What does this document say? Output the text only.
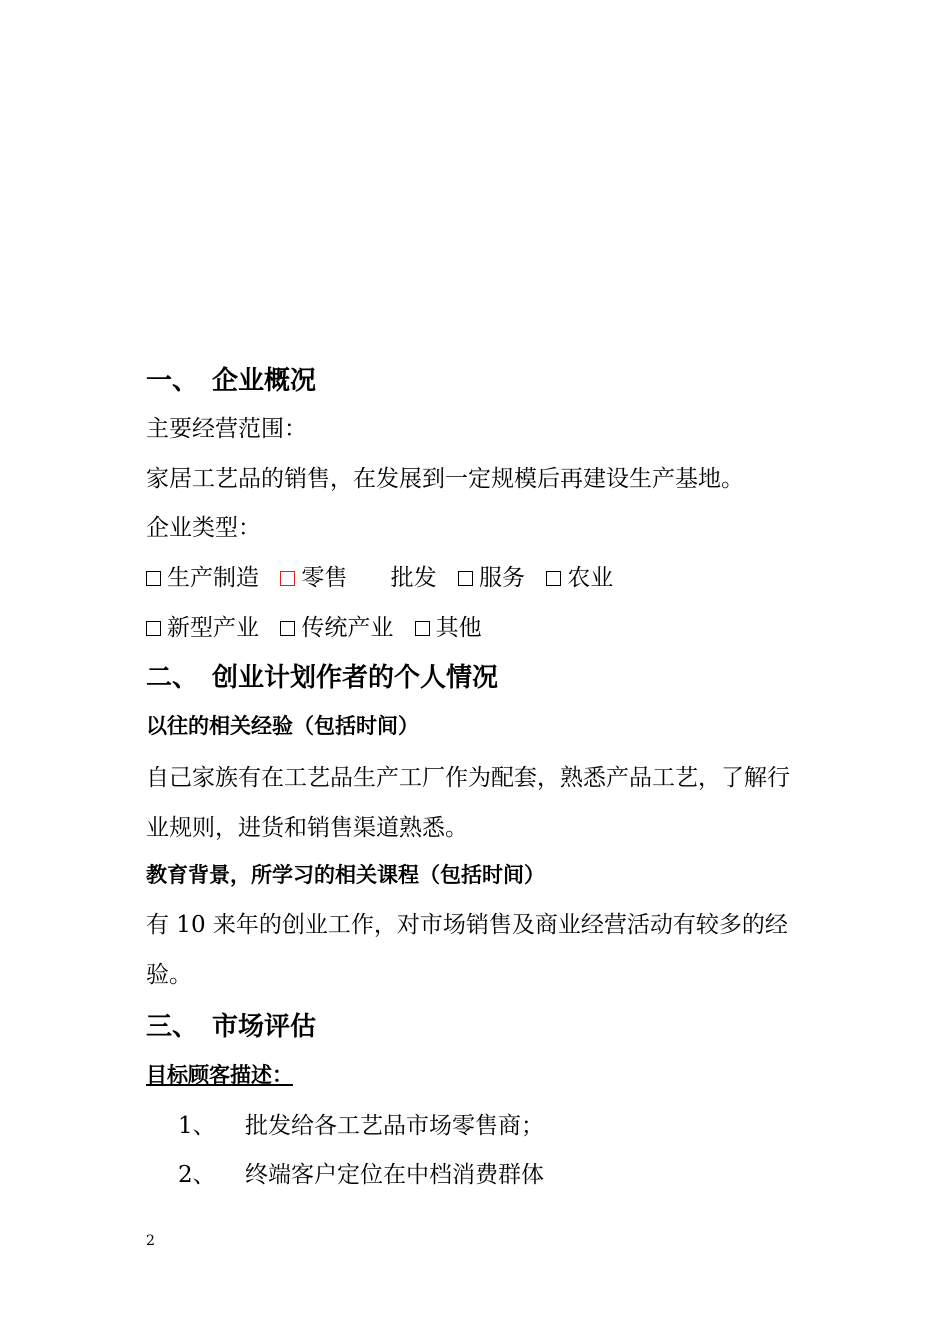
一、 企业概况
主要经营范围：
家居工艺品的销售，在发展到一定规模后再建设生产基地。
企业类型：
生产制造 零售 批发 服务 农业
新型产业 传统产业 其他
二、 创业计划作者的个人情况
以往的相关经验（包括时间）
自己家族有在工艺品生产工厂作为配套，熟悉产品工艺，了解行
业规则，进货和销售渠道熟悉。
教育背景，所学习的相关课程（包括时间）
有 10 来年的创业工作，对市场销售及商业经营活动有较多的经
验。
三、 市场评估
目标顾客描述：
1、 批发给各工艺品市场零售商；
2、 终端客户定位在中档消费群体
2
